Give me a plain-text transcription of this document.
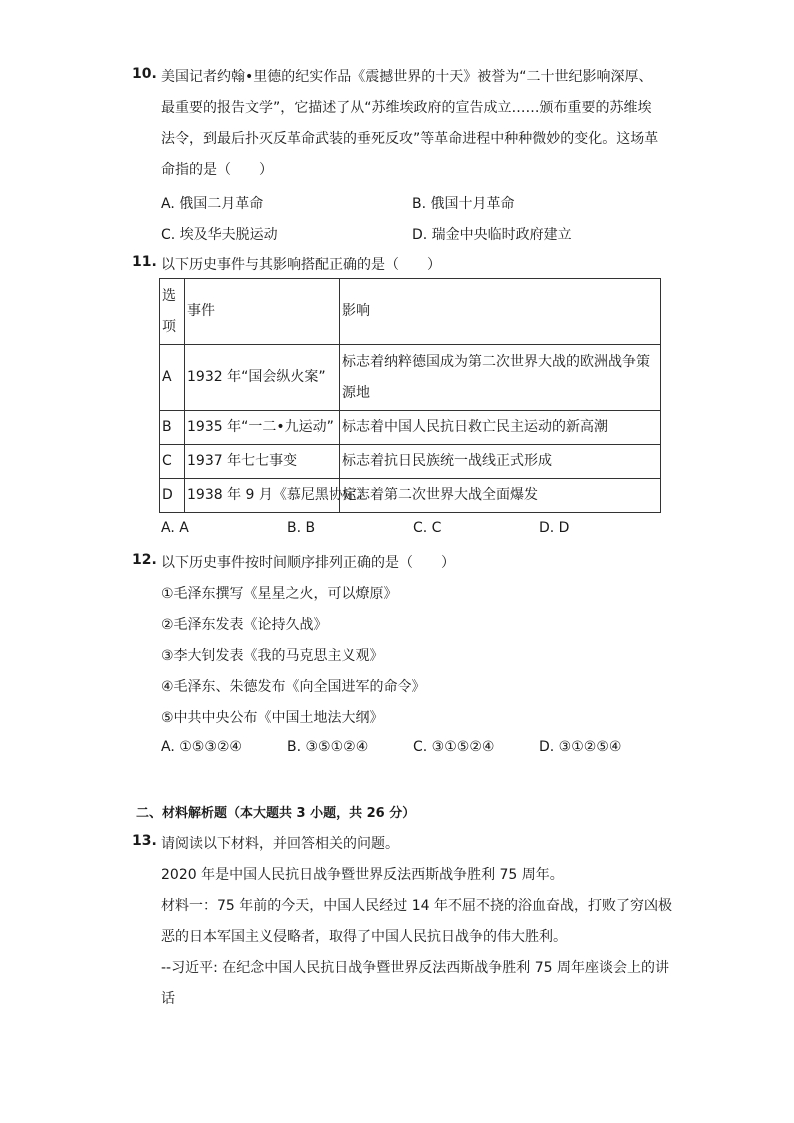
10. 美国记者约翰•里德的纪实作品《震撼世界的十天》被誉为“二十世纪影响深厚、
最重要的报告文学”，它描述了从“苏维埃政府的宣告成立……颁布重要的苏维埃
法令，到最后扑灭反革命武装的垂死反攻”等革命进程中种种微妙的变化。这场革
命指的是（　　）
A. 俄国二月革命	B. 俄国十月革命
C. 埃及华夫脱运动	D. 瑞金中央临时政府建立
11. 以下历史事件与其影响搭配正确的是（　　）
选项	事件	影响
A	1932 年“国会纵火案”	标志着纳粹德国成为第二次世界大战的欧洲战争策源地
B	1935 年“一二•九运动”	标志着中国人民抗日救亡民主运动的新高潮
C	1937 年七七事变	标志着抗日民族统一战线正式形成
D	1938 年 9 月《慕尼黑协定》	标志着第二次世界大战全面爆发
A. A	B. B	C. C	D. D
12. 以下历史事件按时间顺序排列正确的是（　　）
①毛泽东撰写《星星之火，可以燎原》
②毛泽东发表《论持久战》
③李大钊发表《我的马克思主义观》
④毛泽东、朱德发布《向全国进军的命令》
⑤中共中央公布《中国土地法大纲》
A. ①⑤③②④	B. ③⑤①②④	C. ③①⑤②④	D. ③①②⑤④
二、材料解析题（本大题共 3 小题，共 26 分）
13. 请阅读以下材料，并回答相关的问题。
2020 年是中国人民抗日战争暨世界反法西斯战争胜利 75 周年。
材料一：75 年前的今天，中国人民经过 14 年不屈不挠的浴血奋战，打败了穷凶极
恶的日本军国主义侵略者，取得了中国人民抗日战争的伟大胜利。
--习近平: 在纪念中国人民抗日战争暨世界反法西斯战争胜利 75 周年座谈会上的讲
话
